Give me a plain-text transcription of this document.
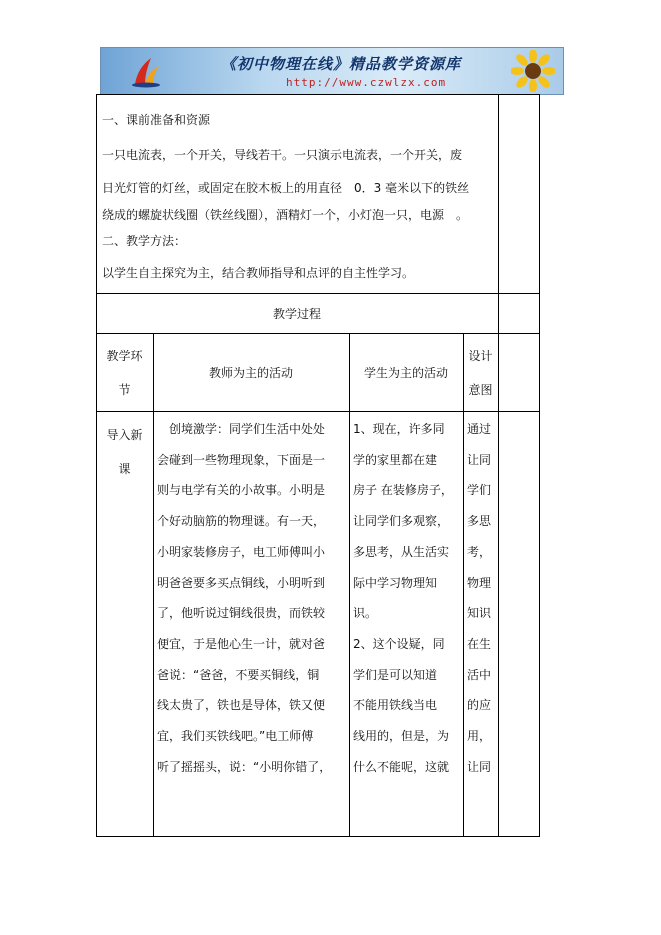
《初中物理在线》精品教学资源库
http://www.czwlzx.com
一、课前准备和资源
一只电流表，一个开关，导线若干。一只演示电流表，一个开关，废
日光灯管的灯丝，或固定在胶木板上的用直径　0．3 毫米以下的铁丝
绕成的螺旋状线圈（铁丝线圈），酒精灯一个，小灯泡一只，电源　。
二、教学方法：
以学生自主探究为主，结合教师指导和点评的自主性学习。
教学过程
教学环
节
教师为主的活动	学生为主的活动
设计
意图
导入新
课
　创境激学：同学们生活中处处
会碰到一些物理现象，下面是一
则与电学有关的小故事。小明是
个好动脑筋的物理谜。有一天，
小明家装修房子，电工师傅叫小
明爸爸要多买点铜线，小明听到
了，他听说过铜线很贵，而铁较
便宜，于是他心生一计，就对爸
爸说：“爸爸，不要买铜线，铜
线太贵了，铁也是导体，铁又便
宜，我们买铁线吧。”电工师傅
听了摇摇头，说：“小明你错了，
1、现在，许多同
学的家里都在建
房子 在装修房子，
让同学们多观察，
多思考，从生活实
际中学习物理知
识。
2、这个设疑，同
学们是可以知道
不能用铁线当电
线用的，但是，为
什么不能呢，这就
通过
让同
学们
多思
考，
物理
知识
在生
活中
的应
用，
让同
